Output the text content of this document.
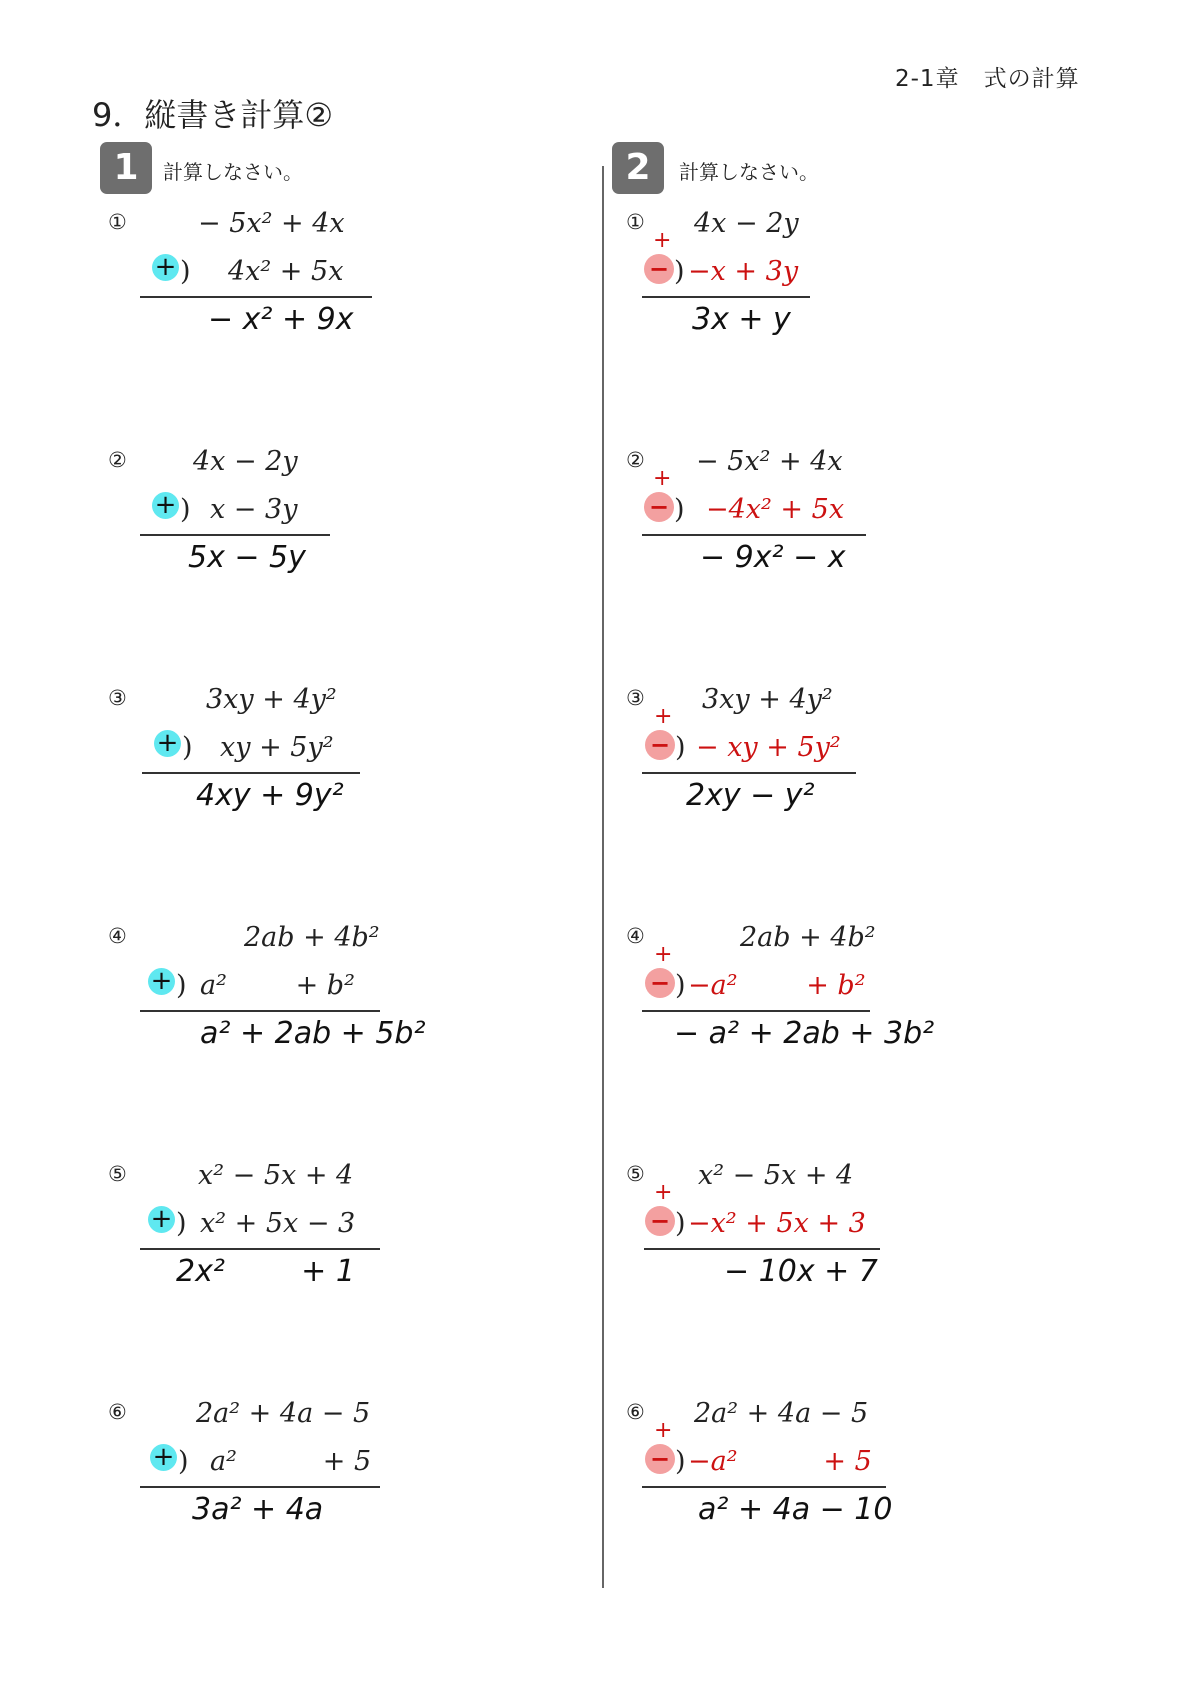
2-1章　式の計算
9．縦書き計算②
1	計算しなさい。	2	計算しなさい。
①	− 5x² + 4x
+ ) 4x² + 5x
− x² + 9x
② 4x − 2y
+ ) x − 3y
5x − 5y
③	3xy + 4y²
+ ) xy + 5y²
4xy + 9y²
④	2ab + 4b²
+ ) a²        + b²
a² + 2ab + 5b²
⑤	x² − 5x + 4
+ ) x² + 5x − 3
2x²        + 1
⑥	2a² + 4a − 5
+ ) a²          + 5
3a² + 4a
① 4x − 2y
+
− ) −x + 3y
3x + y
② − 5x² + 4x
+
− ) −4x² + 5x
− 9x² − x
③ 3xy + 4y²
+
− ) − xy + 5y²
2xy − y²
④	2ab + 4b²
+
− ) −a²        + b²
− a² + 2ab + 3b²
⑤ x² − 5x + 4
+
− ) −x² + 5x + 3
− 10x + 7
⑥ 2a² + 4a − 5
+
− ) −a²          + 5
a² + 4a − 10
